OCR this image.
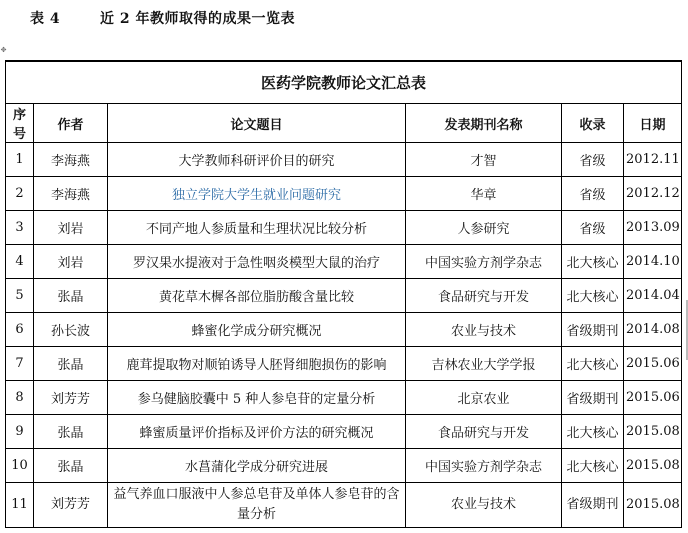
表 4	近 2 年教师取得的成果一览表
✥
医药学院教师论文汇总表					
序号	作者	论文题目	发表期刊名称	收录	日期
1	李海燕	大学教师科研评价目的研究	才智	省级	2012.11
2	李海燕	独立学院大学生就业问题研究	华章	省级	2012.12
3	刘岩	不同产地人参质量和生理状况比较分析	人参研究	省级	2013.09
4	刘岩	罗汉果水提液对于急性咽炎模型大鼠的治疗	中国实验方剂学杂志	北大核心	2014.10
5	张晶	黄花草木樨各部位脂肪酸含量比较	食品研究与开发	北大核心	2014.04
6	孙长波	蜂蜜化学成分研究概况	农业与技术	省级期刊	2014.08
7	张晶	鹿茸提取物对顺铂诱导人胚肾细胞损伤的影响	吉林农业大学学报	北大核心	2015.06
8	刘芳芳	参乌健脑胶囊中 5 种人参皂苷的定量分析	北京农业	省级期刊	2015.06
9	张晶	蜂蜜质量评价指标及评价方法的研究概况	食品研究与开发	北大核心	2015.08
10	张晶	水菖蒲化学成分研究进展	中国实验方剂学杂志	北大核心	2015.08
11	刘芳芳	益气养血口服液中人参总皂苷及单体人参皂苷的含量分析	农业与技术	省级期刊	2015.08
